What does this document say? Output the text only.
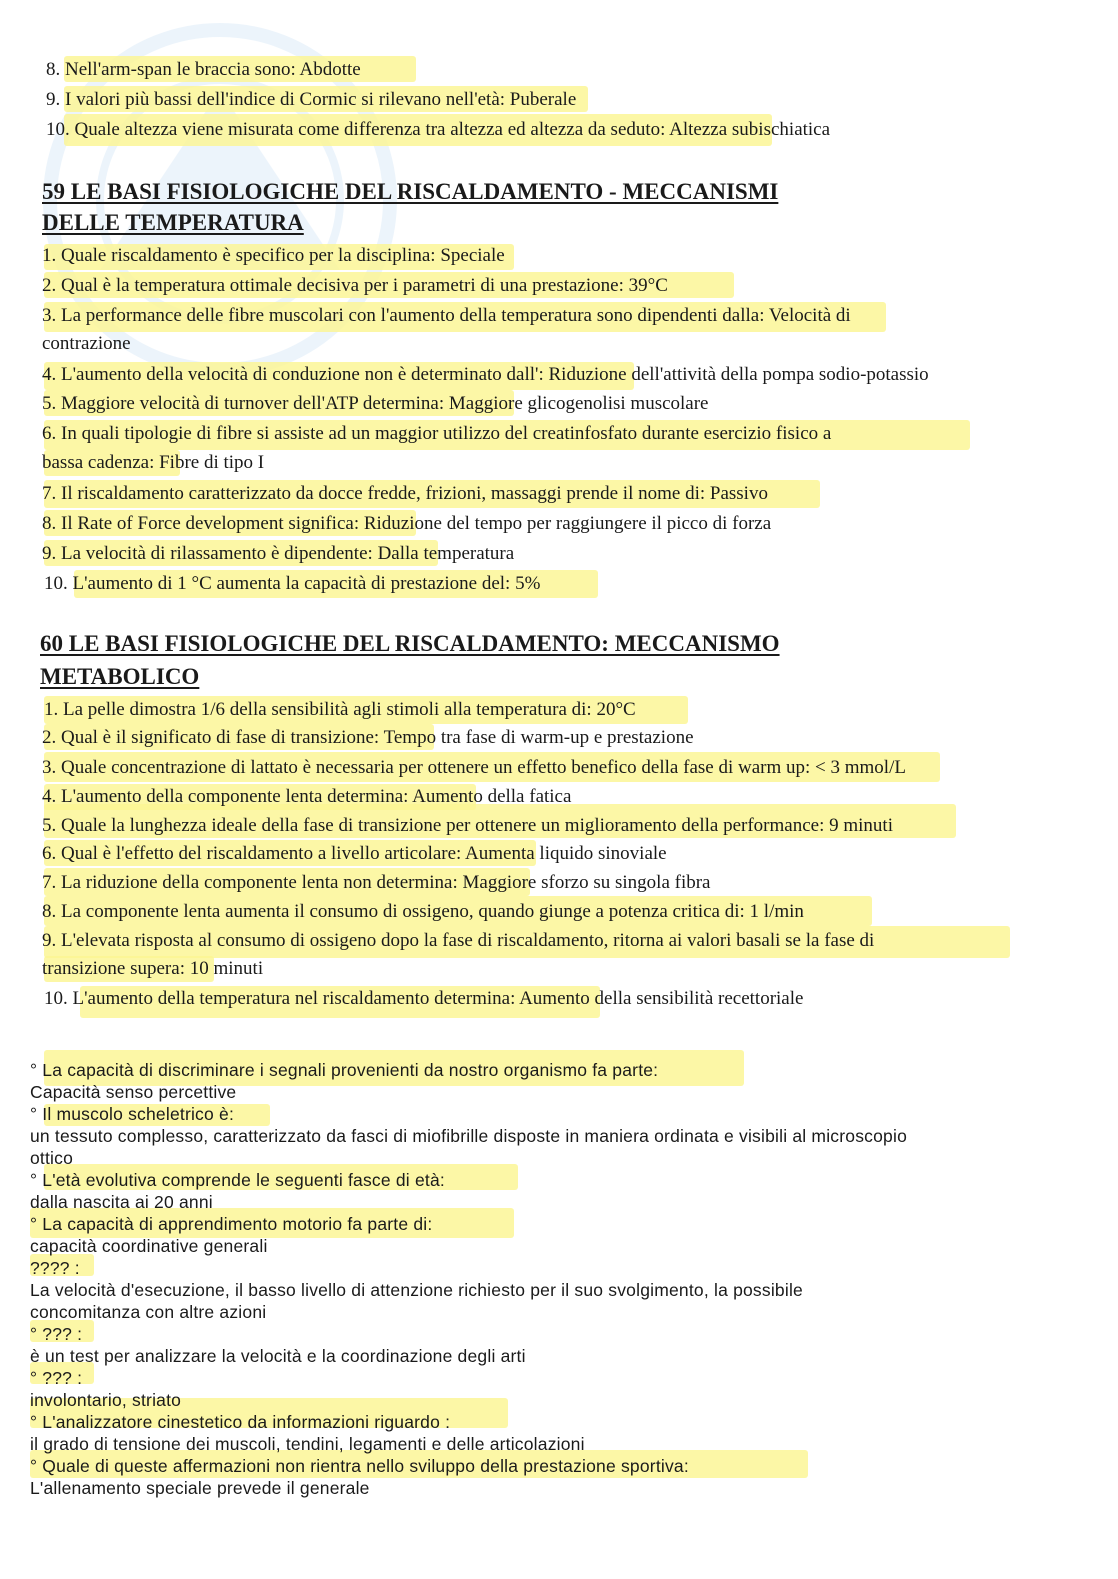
8. Nell'arm-span le braccia sono: Abdotte
9. I valori più bassi dell'indice di Cormic si rilevano nell'età: Puberale
10. Quale altezza viene misurata come differenza tra altezza ed altezza da seduto: Altezza subischiatica
59 LE BASI FISIOLOGICHE DEL RISCALDAMENTO - MECCANISMI
DELLE TEMPERATURA
1. Quale riscaldamento è specifico per la disciplina: Speciale
2. Qual è la temperatura ottimale decisiva per i parametri di una prestazione: 39°C
3. La performance delle fibre muscolari con l'aumento della temperatura sono dipendenti dalla: Velocità di
contrazione
4. L'aumento della velocità di conduzione non è determinato dall': Riduzione dell'attività della pompa sodio-potassio
5. Maggiore velocità di turnover dell'ATP determina: Maggiore glicogenolisi muscolare
6. In quali tipologie di fibre si assiste ad un maggior utilizzo del creatinfosfato durante esercizio fisico a
bassa cadenza: Fibre di tipo I
7. Il riscaldamento caratterizzato da docce fredde, frizioni, massaggi prende il nome di: Passivo
8. Il Rate of Force development significa: Riduzione del tempo per raggiungere il picco di forza
9. La velocità di rilassamento è dipendente: Dalla temperatura
10. L'aumento di 1 °C aumenta la capacità di prestazione del: 5%
60 LE BASI FISIOLOGICHE DEL RISCALDAMENTO: MECCANISMO
METABOLICO
1. La pelle dimostra 1/6 della sensibilità agli stimoli alla temperatura di: 20°C
2. Qual è il significato di fase di transizione: Tempo tra fase di warm-up e prestazione
3. Quale concentrazione di lattato è necessaria per ottenere un effetto benefico della fase di warm up: < 3 mmol/L
4. L'aumento della componente lenta determina: Aumento della fatica
5. Quale la lunghezza ideale della fase di transizione per ottenere un miglioramento della performance: 9 minuti
6. Qual è l'effetto del riscaldamento a livello articolare: Aumenta liquido sinoviale
7. La riduzione della componente lenta non determina: Maggiore sforzo su singola fibra
8. La componente lenta aumenta il consumo di ossigeno, quando giunge a potenza critica di: 1 l/min
9. L'elevata risposta al consumo di ossigeno dopo la fase di riscaldamento, ritorna ai valori basali se la fase di
transizione supera: 10 minuti
10. L'aumento della temperatura nel riscaldamento determina: Aumento della sensibilità recettoriale
° La capacità di discriminare i segnali provenienti da nostro organismo fa parte:
Capacità senso percettive
° Il muscolo scheletrico è:
un tessuto complesso, caratterizzato da fasci di miofibrille disposte in maniera ordinata e visibili al microscopio
ottico
° L'età evolutiva comprende le seguenti fasce di età:
dalla nascita ai 20 anni
° La capacità di apprendimento motorio fa parte di:
capacità coordinative generali
???? :
La velocità d'esecuzione, il basso livello di attenzione richiesto per il suo svolgimento, la possibile
concomitanza con altre azioni
° ??? :
è un test per analizzare la velocità e la coordinazione degli arti
° ??? :
involontario, striato
° L'analizzatore cinestetico da informazioni riguardo :
il grado di tensione dei muscoli, tendini, legamenti e delle articolazioni
° Quale di queste affermazioni non rientra nello sviluppo della prestazione sportiva:
L'allenamento speciale prevede il generale
